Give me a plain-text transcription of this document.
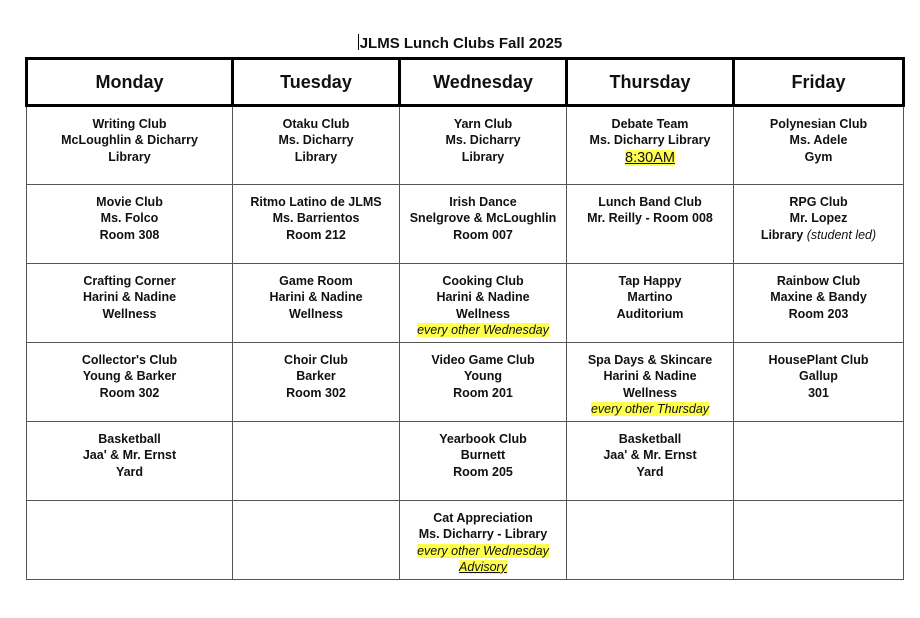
JLMS Lunch Clubs Fall 2025
Monday	Tuesday	Wednesday	Thursday	Friday

Writing Club
McLoughlin & Dicharry
Library	Otaku Club
Ms. Dicharry
Library	Yarn Club
Ms. Dicharry
Library	Debate Team
Ms. Dicharry Library
8:30AM	Polynesian Club
Ms. Adele
Gym

Movie Club
Ms. Folco
Room 308	Ritmo Latino de JLMS
Ms. Barrientos
Room 212	Irish Dance
Snelgrove & McLoughlin
Room 007	Lunch Band Club
Mr. Reilly - Room 008	RPG Club
Mr. Lopez
Library (student led)

Crafting Corner
Harini & Nadine
Wellness	Game Room
Harini & Nadine
Wellness	Cooking Club
Harini & Nadine
Wellness
every other Wednesday	Tap Happy
Martino
Auditorium	Rainbow Club
Maxine & Bandy
Room 203

Collector's Club
Young & Barker
Room 302	Choir Club
Barker
Room 302	Video Game Club
Young
Room 201	Spa Days & Skincare
Harini & Nadine
Wellness
every other Thursday	HousePlant Club
Gallup
301

Basketball
Jaa' & Mr. Ernst
Yard		Yearbook Club
Burnett
Room 205	Basketball
Jaa' & Mr. Ernst
Yard	

		Cat Appreciation
Ms. Dicharry - Library
every other Wednesday
Advisory		
